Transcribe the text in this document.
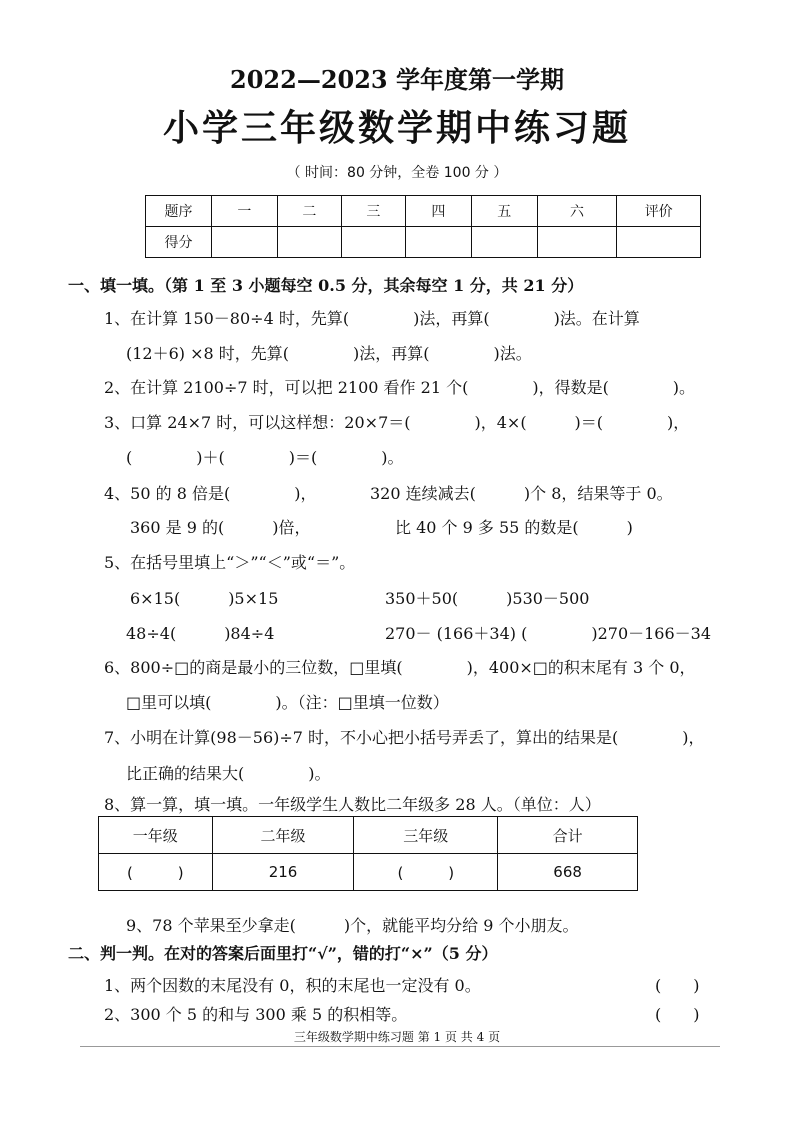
2022—2023 学年度第一学期
小学三年级数学期中练习题
（ 时间：80 分钟，全卷 100 分 ）
题序	一	二	三	四	五	六	评价
得分							
一、填一填。（第 1 至 3 小题每空 0.5 分，其余每空 1 分，共 21 分）
1、在计算 150－80÷4 时，先算(　　　　)法，再算(　　　　)法。在计算
(12＋6) ×8 时，先算(　　　　)法，再算(　　　　)法。
2、在计算 2100÷7 时，可以把 2100 看作 21 个(　　　　)，得数是(　　　　)。
3、口算 24×7 时，可以这样想：20×7＝(　　　　)，4×(　　　)＝(　　　　)，
(　　　　)＋(　　　　)＝(　　　　)。
4、50 的 8 倍是(　　　　)，	320 连续减去(　　　)个 8，结果等于 0。
360 是 9 的(　　　)倍，	比 40 个 9 多 55 的数是(　　　)
5、在括号里填上“＞”“＜”或“＝”。
6×15(　　　)5×15	350＋50(　　　)530－500
48÷4(　　　)84÷4	270－ (166＋34) (　　　　)270－166－34
6、800÷□的商是最小的三位数，□里填(　　　　)，400×□的积末尾有 3 个 0，
□里可以填(　　　　)。（注：□里填一位数）
7、小明在计算(98－56)÷7 时，不小心把小括号弄丢了，算出的结果是(　　　　)，
比正确的结果大(　　　　)。
8、算一算，填一填。一年级学生人数比二年级多 28 人。（单位：人）
一年级	二年级	三年级	合计
(　　　)	216	(　　　)	668
9、78 个苹果至少拿走(　　　)个，就能平均分给 9 个小朋友。
二、判一判。在对的答案后面里打“√”，错的打“×”（5 分）
1、两个因数的末尾没有 0，积的末尾也一定没有 0。	(　　)
2、300 个 5 的和与 300 乘 5 的积相等。	(　　)
三年级数学期中练习题 第 1 页 共 4 页
